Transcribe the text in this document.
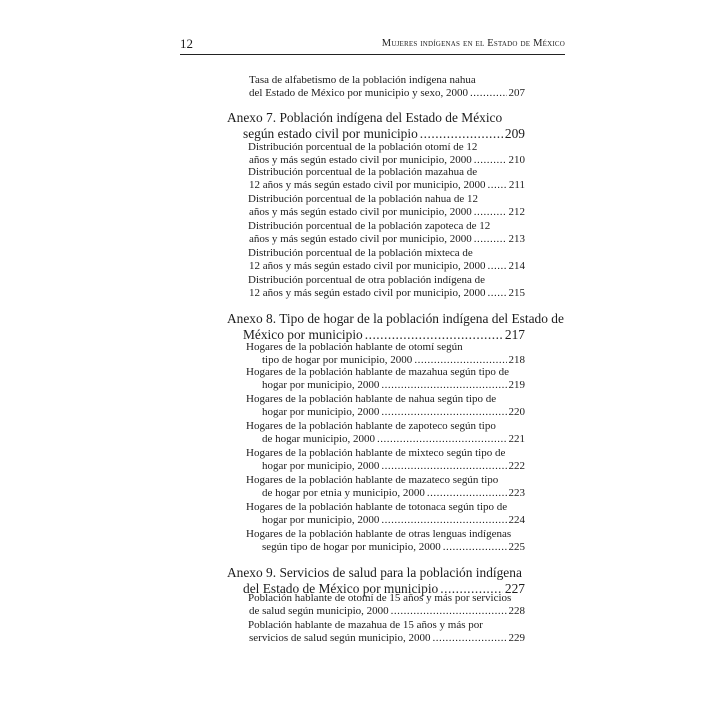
12	Mujeres indígenas en el Estado de México
Tasa de alfabetismo de la población indígena nahua
del Estado de México por municipio y sexo, 2000 .....	207
Anexo 7. Población indígena del Estado de México
según estado civil por municipio .....	209
Distribución porcentual de la población otomí de 12
años y más según estado civil por municipio, 2000 .....	210
Distribución porcentual de la población mazahua de
12 años y más según estado civil por municipio, 2000 ..... 211
Distribución porcentual de la población nahua de 12
años y más según estado civil por municipio, 2000 .....	212
Distribución porcentual de la población zapoteca de 12
años y más según estado civil por municipio, 2000 .....	213
Distribución porcentual de la población mixteca de
12 años y más según estado civil por municipio, 2000 ..... 214
Distribución porcentual de otra población indígena de
12 años y más según estado civil por municipio, 2000 ..... 215
Anexo 8. Tipo de hogar de la población indígena del Estado de
México por municipio .....	217
Hogares de la población hablante de otomí según
tipo de hogar por municipio, 2000 .....	218
Hogares de la población hablante de mazahua según tipo de
hogar por municipio, 2000 .....	219
Hogares de la población hablante de nahua según tipo de
hogar por municipio, 2000 .....	220
Hogares de la población hablante de zapoteco según tipo
de hogar municipio, 2000 .....	221
Hogares de la población hablante de mixteco según tipo de
hogar por municipio, 2000 .....	222
Hogares de la población hablante de mazateco según tipo
de hogar por etnia y municipio, 2000 .....	223
Hogares de la población hablante de totonaca según tipo de
hogar por municipio, 2000 .....	224
Hogares de la población hablante de otras lenguas indígenas
según tipo de hogar por municipio, 2000 .....	225
Anexo 9. Servicios de salud para la población indígena
del Estado de México por municipio .....	227
Población hablante de otomí de 15 años y más por servicios
de salud según municipio, 2000 .....	228
Población hablante de mazahua de 15 años y más por
servicios de salud según municipio, 2000 .....	229
